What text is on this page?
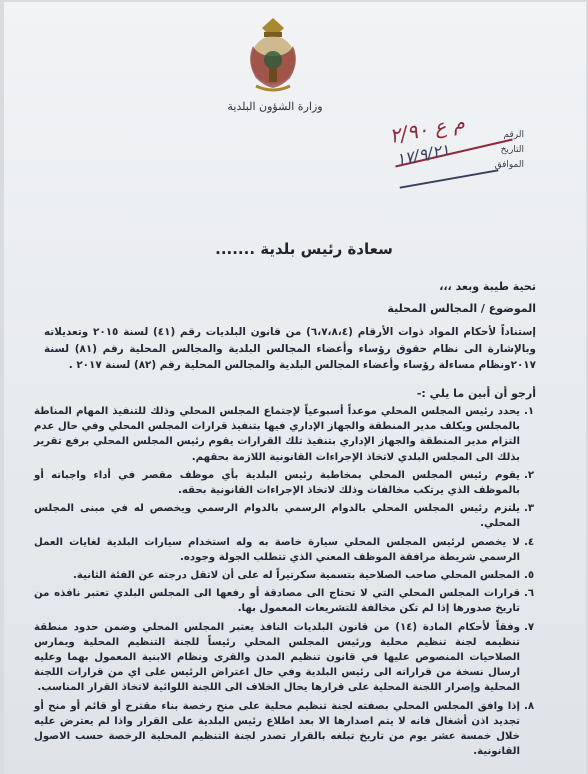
وزارة الشؤون البلدية
الرقم
التاريخ
الموافق
م ع ٢/٩٠
١٧/٩/٢١
سعادة رئيس بلدية .......
تحية طيبة وبعد ،،،
الموضوع / المجالس المحلية
إستناداً لأحكام المواد ذوات الأرقام (٦،٧،٨،٤) من قانون البلديات رقم (٤١) لسنة ٢٠١٥ وتعديلاته وبالإشارة الى نظام حقوق رؤساء وأعضاء المجالس البلدية والمجالس المحلية رقم (٨١) لسنة ٢٠١٧ونظام مساءلة رؤساء وأعضاء المجالس البلدية والمجالس المحلية رقم (٨٢) لسنة ٢٠١٧ .
أرجو أن أبين ما يلي :-
١.
يحدد رئيس المجلس المحلي موعداً أسبوعياً لإجتماع المجلس المحلي وذلك للتنفيذ المهام المناطة بالمجلس ويكلف مدير المنطقة والجهاز الإداري فيها بتنفيذ قرارات المجلس المحلي وفي حال عدم التزام مدير المنطقة والجهاز الإداري بتنفيذ تلك القرارات يقوم رئيس المجلس المحلي برفع تقرير بذلك الى المجلس البلدي لاتخاذ الإجراءات القانونية اللازمة بحقهم.
٢.
يقوم رئيس المجلس المحلي بمخاطبة رئيس البلدية بأي موظف مقصر في أداء واجباته أو بالموظف الذي يرتكب مخالفات وذلك لاتخاذ الإجراءات القانونية بحقه.
٣.
يلتزم رئيس المجلس المحلي بالدوام الرسمي بالدوام الرسمي ويخصص له في مبنى المجلس المحلي.
٤.
لا يخصص لرئيس المجلس المحلي سيارة خاصة به وله استخدام سيارات البلدية لغايات العمل الرسمي شريطة مرافقة الموظف المعني الذي تتطلب الجولة وجوده.
٥.
المجلس المحلي صاحب الصلاحية بتسمية سكرتيراً له على أن لاتقل درجته عن الفئة الثانية.
٦.
قرارات المجلس المحلي التي لا تحتاج الى مصادقة أو رفعها الى المجلس البلدي تعتبر نافذه من تاريخ صدورها إذا لم تكن مخالفة للتشريعات المعمول بها.
٧.
وفقاً لأحكام المادة (١٤) من قانون البلديات النافذ يعتبر المجلس المحلي وضمن حدود منطقة تنظيمه لجنة تنظيم محلية ورئيس المجلس المحلي رئيساً للجنة التنظيم المحلية ويمارس الصلاحيات المنصوص عليها في قانون تنظيم المدن والقرى ونظام الابنية المعمول بهما وعليه ارسال نسخة من قراراته الى رئيس البلدية وفي حال اعتراض الرئيس على اي من قرارات اللجنة المحلية وإصرار اللجنة المحلية على قرارها يحال الخلاف الى اللجنة اللوائية لاتخاذ القرار المناسب.
٨.
إذا وافق المجلس المحلي بصفته لجنة تنظيم محلية على منح رخصة بناء مقترح أو قائم أو منح أو تجديد اذن أشغال فانه لا يتم اصدارها الا بعد اطلاع رئيس البلدية على القرار واذا لم يعترض عليه خلال خمسة عشر يوم من تاريخ تبلغه بالقرار تصدر لجنة التنظيم المحلية الرخصة حسب الاصول القانونية.
